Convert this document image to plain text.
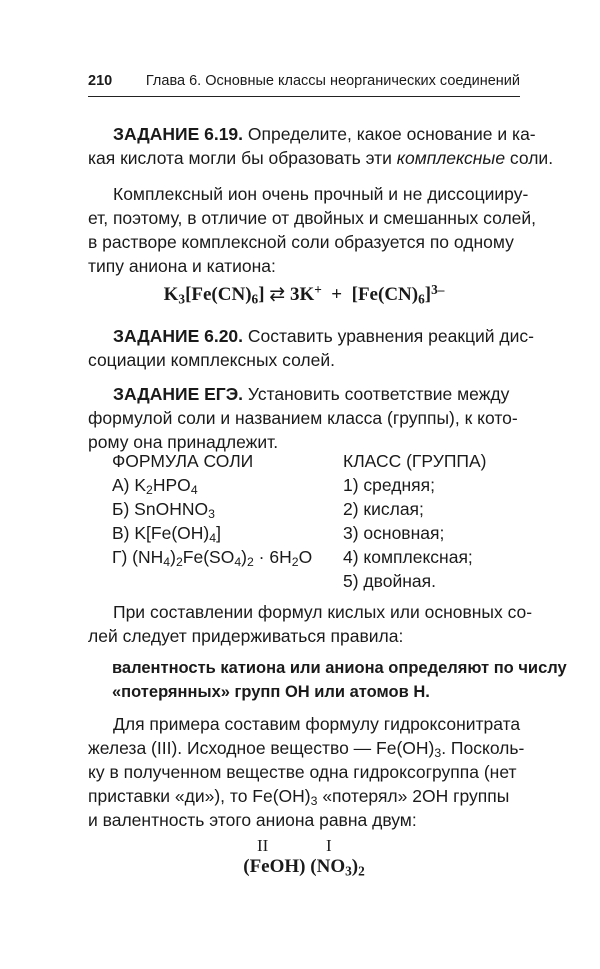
210 Глава 6. Основные классы неорганических соединений
ЗАДАНИЕ 6.19. Определите, какое основание и ка-
кая кислота могли бы образовать эти комплексные соли.
Комплексный ион очень прочный и не диссоцииру-
ет, поэтому, в отличие от двойных и смешанных солей,
в растворе комплексной соли образуется по одному
типу аниона и катиона:
$K_3[Fe(CN)_6]$ ⇄ $3K^+ + [Fe(CN)_6]^{3-}$
ЗАДАНИЕ 6.20. Составить уравнения реакций дис-
социации комплексных солей.
ЗАДАНИЕ ЕГЭ. Установить соответствие между
формулой соли и названием класса (группы), к кото-
рому она принадлежит.
ФОРМУЛА СОЛИ	КЛАСС (ГРУППА)
А) $K_2HPO_4$	1) средняя;
Б) SnOHNO$_3$	2) кислая;
В) $K[Fe(OH)_4]$	3) основная;
Г) $(NH_4)_2Fe(SO_4)_2 \cdot 6H_2O$ 4) комплексная;
5) двойная.
При составлении формул кислых или основных со-
лей следует придерживаться правила:
валентность катиона или аниона определяют по числу
«потерянных» групп ОН или атомов Н.
Для примера составим формулу гидроксонитрата
железа (III). Исходное вещество — $Fe(OH)_3$. Посколь-
ку в полученном веществе одна гидроксогруппа (нет
приставки «ди»), то $Fe(OH)_3$ «потерял» 2OH группы
и валентность этого аниона равна двум:
II	I
(FeOH) $(NO_3)_2$
